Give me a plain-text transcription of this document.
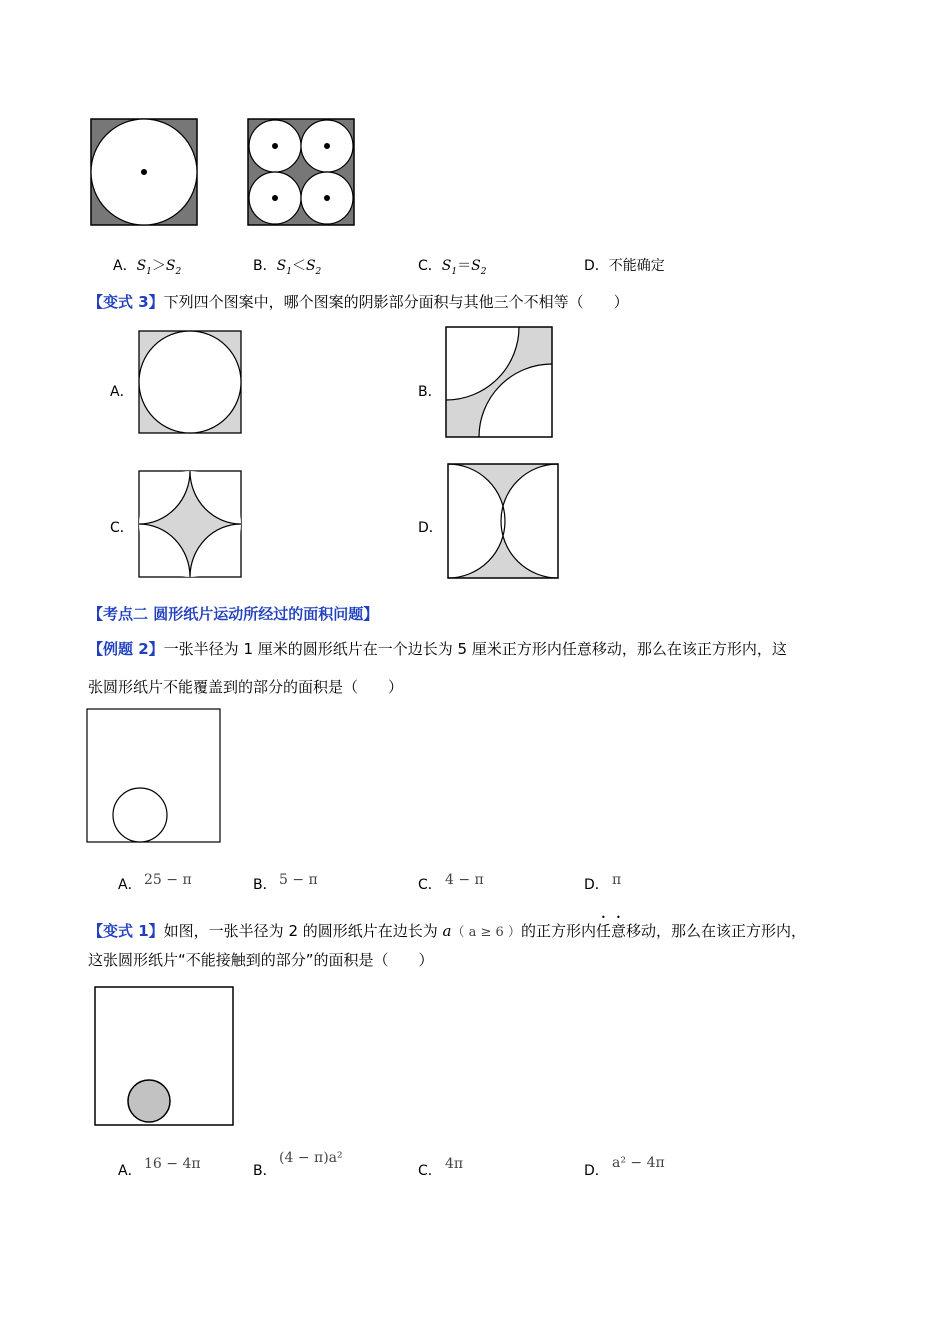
A．$S_1>S_2$	B．$S_1<S_2$	C．$S_1=S_2$	D．不能确定
【变式 3】下列四个图案中，哪个图案的阴影部分面积与其他三个不相等（　　）
A．	B．
C．	D．
【考点二 圆形纸片运动所经过的面积问题】
【例题 2】一张半径为 1 厘米的圆形纸片在一个边长为 5 厘米正方形内任意移动，那么在该正方形内，这
张圆形纸片不能覆盖到的部分的面积是（　　）
A． 25 − π	B． 5 − π	C． 4 − π	D． π
【变式 1】如图，一张半径为 2 的圆形纸片在边长为 a（ a ≥ 6 ）的正方形内任意移动，那么在该正方形内，
这张圆形纸片“不能接触到的部分”的面积是（　　）
A． 16 − 4π	B．
(4 − π)a²
C． 4π	D． a² − 4π
